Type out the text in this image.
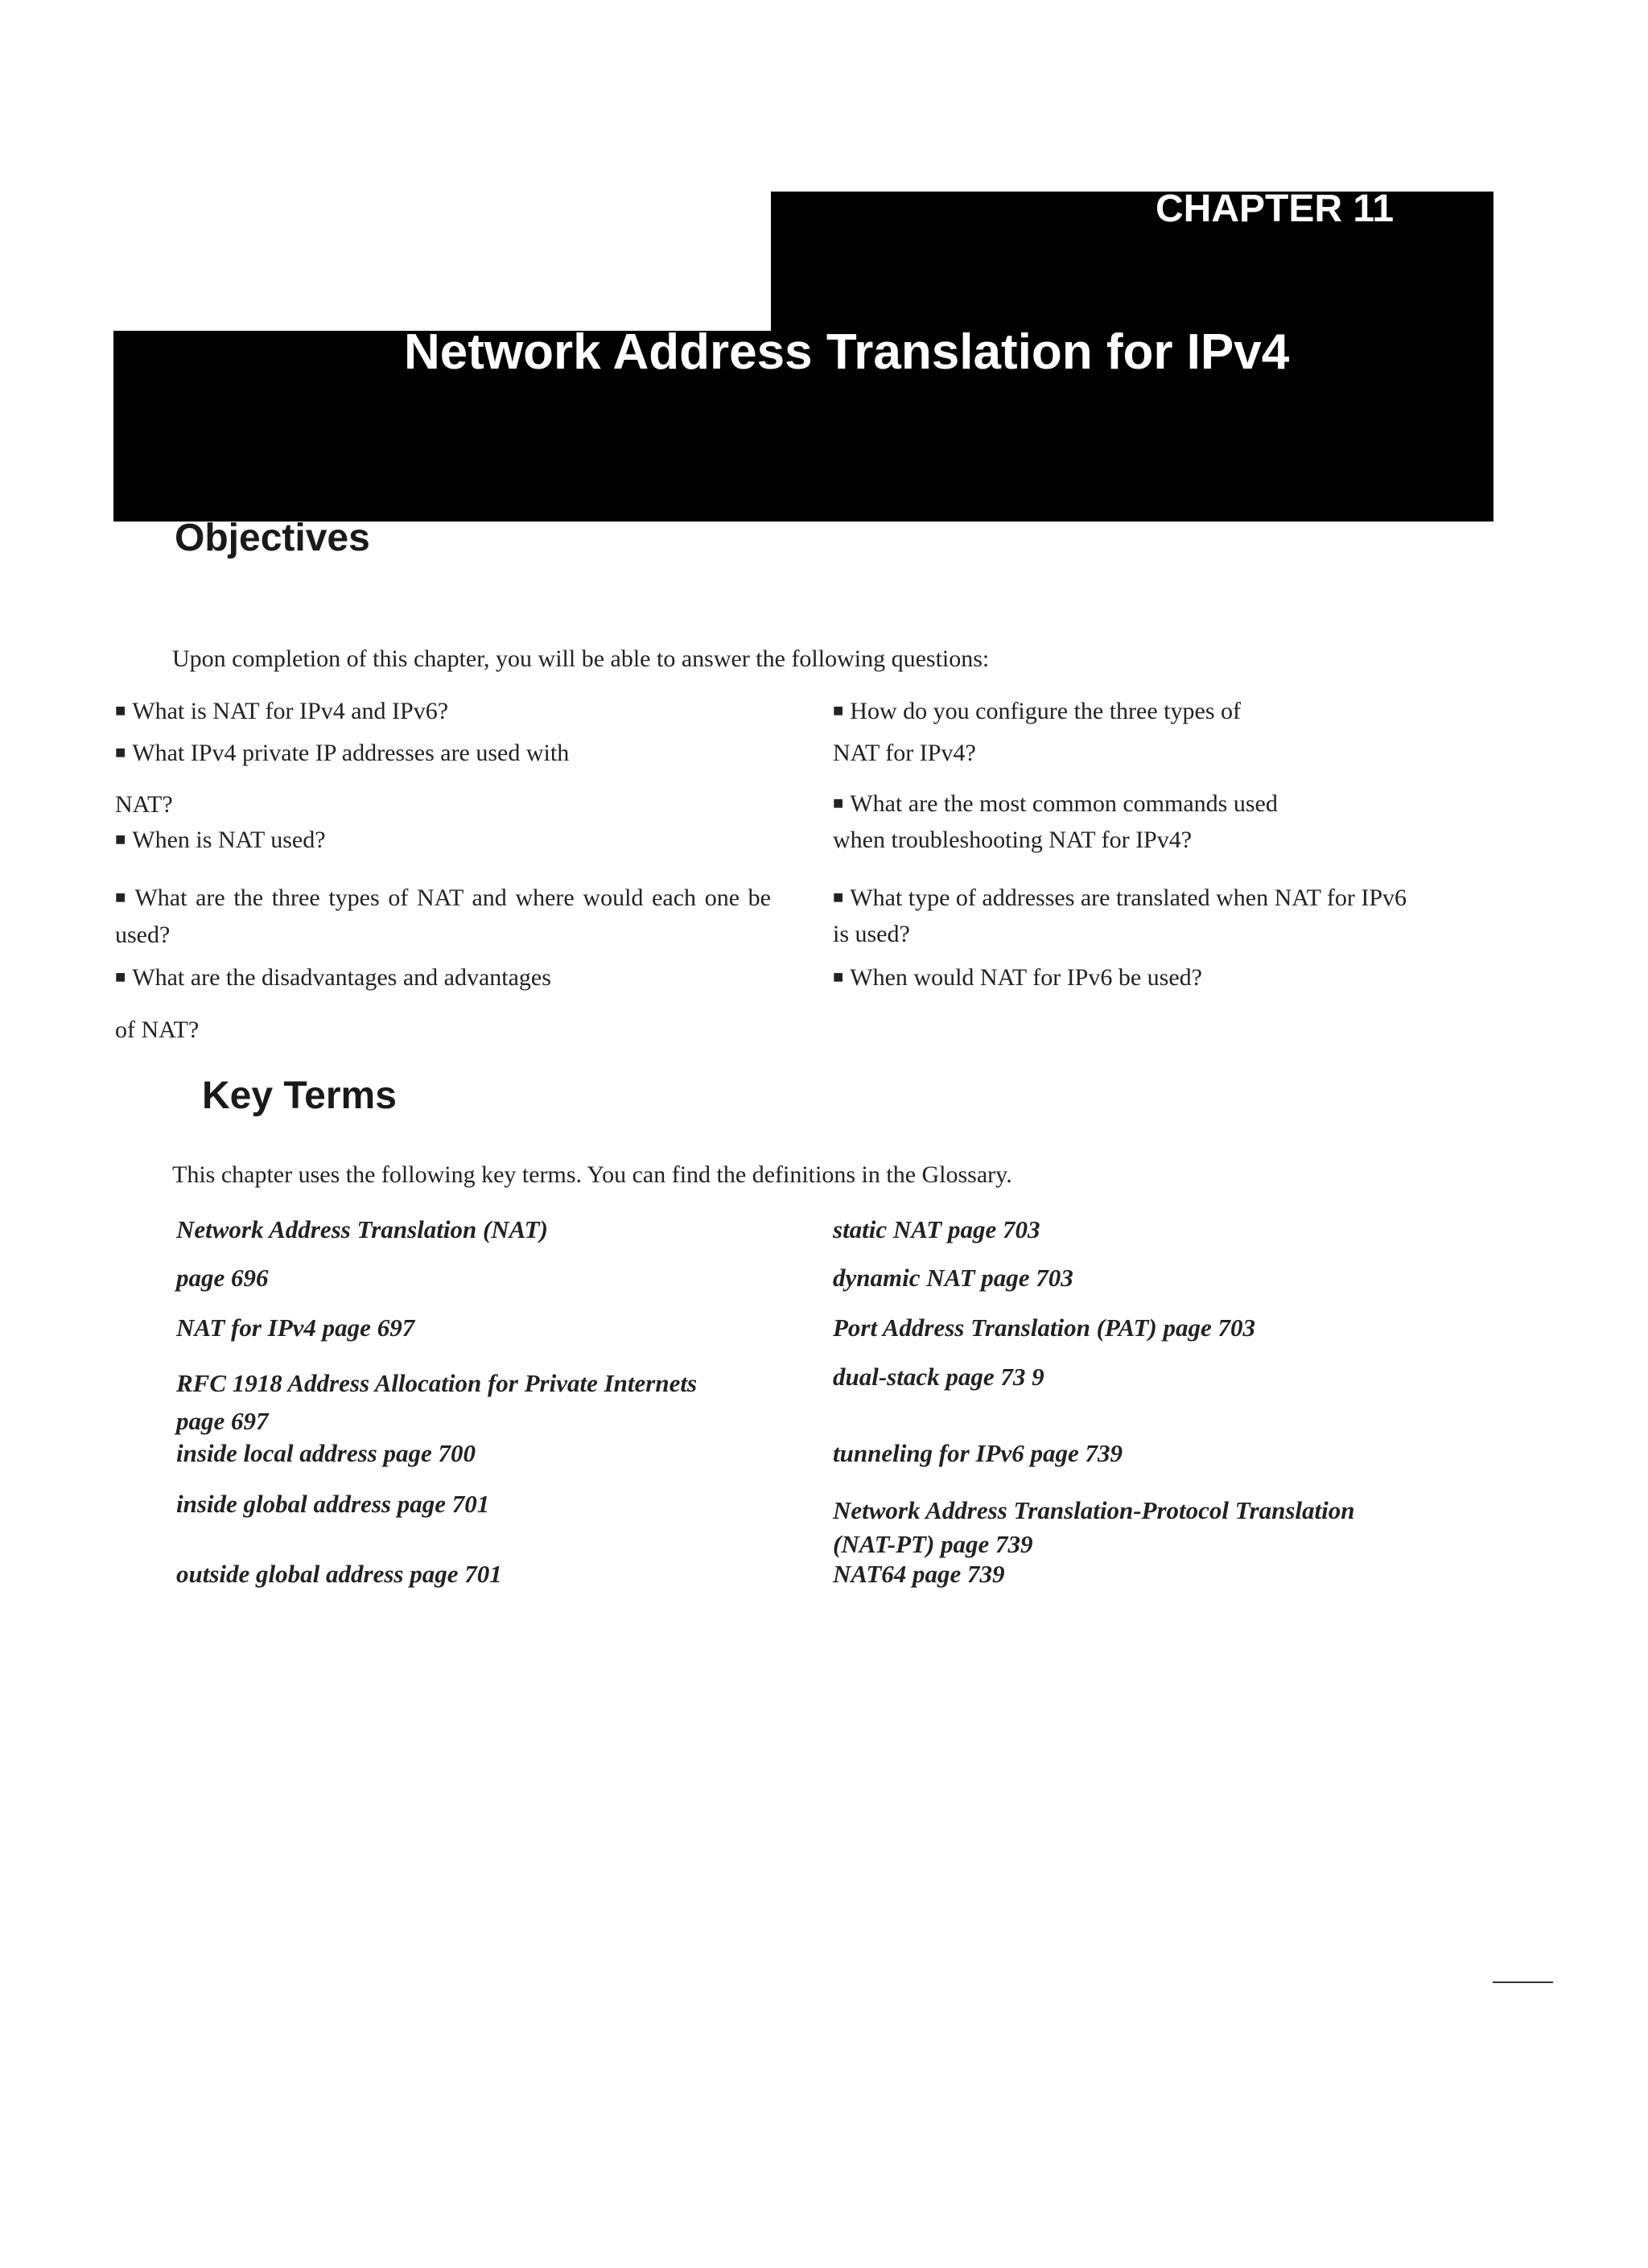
CHAPTER 11
Network Address Translation for IPv4
Objectives
Upon completion of this chapter, you will be able to answer the following questions:
■ What is NAT for IPv4 and IPv6?
■ What IPv4 private IP addresses are used with
NAT?
■ When is NAT used?
■ What are the three types of NAT and where would each one be used?
■ What are the disadvantages and advantages
of NAT?
■ How do you configure the three types of
NAT for IPv4?
■ What are the most common commands used
when troubleshooting NAT for IPv4?
■ What type of addresses are translated when NAT for IPv6
is used?
■ When would NAT for IPv6 be used?
Key Terms
This chapter uses the following key terms. You can find the definitions in the Glossary.
Network Address Translation (NAT)
page 696
NAT for IPv4 page 697
RFC 1918 Address Allocation for Private Internets
page 697
inside local address page 700
inside global address page 701
outside global address page 701
static NAT page 703
dynamic NAT page 703
Port Address Translation (PAT) page 703
dual-stack page 73 9
tunneling for IPv6 page 739
Network Address Translation-Protocol Translation
(NAT-PT) page 739
NAT64 page 739
